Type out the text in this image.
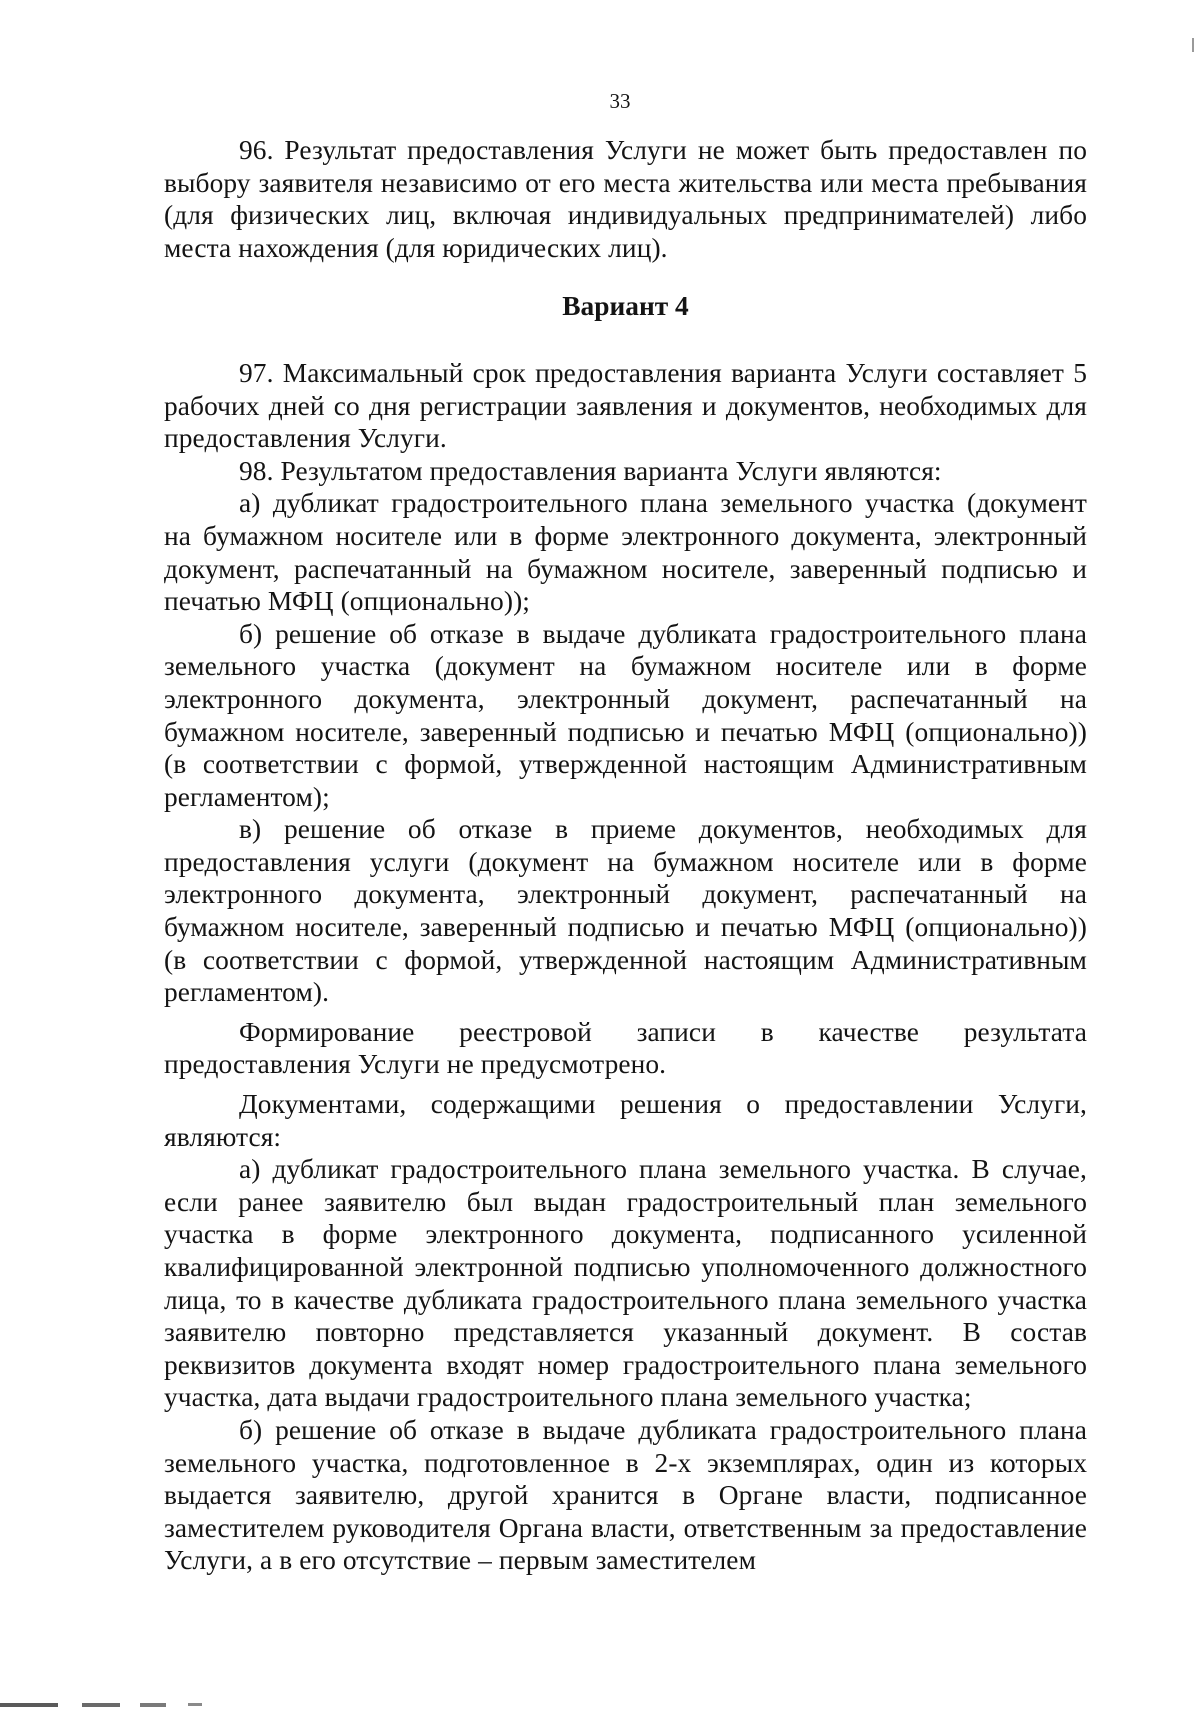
33

96. Результат предоставления Услуги не может быть предоставлен по выбору заявителя независимо от его места жительства или места пребывания (для физических лиц, включая индивидуальных предпринимателей) либо места нахождения (для юридических лиц).

Вариант 4

97. Максимальный срок предоставления варианта Услуги составляет 5 рабочих дней со дня регистрации заявления и документов, необходимых для предоставления Услуги.

98. Результатом предоставления варианта Услуги являются:

а) дубликат градостроительного плана земельного участка (документ на бумажном носителе или в форме электронного документа, электронный документ, распечатанный на бумажном носителе, заверенный подписью и печатью МФЦ (опционально));

б) решение об отказе в выдаче дубликата градостроительного плана земельного участка (документ на бумажном носителе или в форме электронного документа, электронный документ, распечатанный на бумажном носителе, заверенный подписью и печатью МФЦ (опционально)) (в соответствии с формой, утвержденной настоящим Административным регламентом);

в) решение об отказе в приеме документов, необходимых для предоставления услуги (документ на бумажном носителе или в форме электронного документа, электронный документ, распечатанный на бумажном носителе, заверенный подписью и печатью МФЦ (опционально)) (в соответствии с формой, утвержденной настоящим Административным регламентом).

Формирование реестровой записи в качестве результата предоставления Услуги не предусмотрено.

Документами, содержащими решения о предоставлении Услуги, являются:

а) дубликат градостроительного плана земельного участка. В случае, если ранее заявителю был выдан градостроительный план земельного участка в форме электронного документа, подписанного усиленной квалифицированной электронной подписью уполномоченного должностного лица, то в качестве дубликата градостроительного плана земельного участка заявителю повторно представляется указанный документ. В состав реквизитов документа входят номер градостроительного плана земельного участка, дата выдачи градостроительного плана земельного участка;

б) решение об отказе в выдаче дубликата градостроительного плана земельного участка, подготовленное в 2-х экземплярах, один из которых выдается заявителю, другой хранится в Органе власти, подписанное заместителем руководителя Органа власти, ответственным за предоставление Услуги, а в его отсутствие – первым заместителем
